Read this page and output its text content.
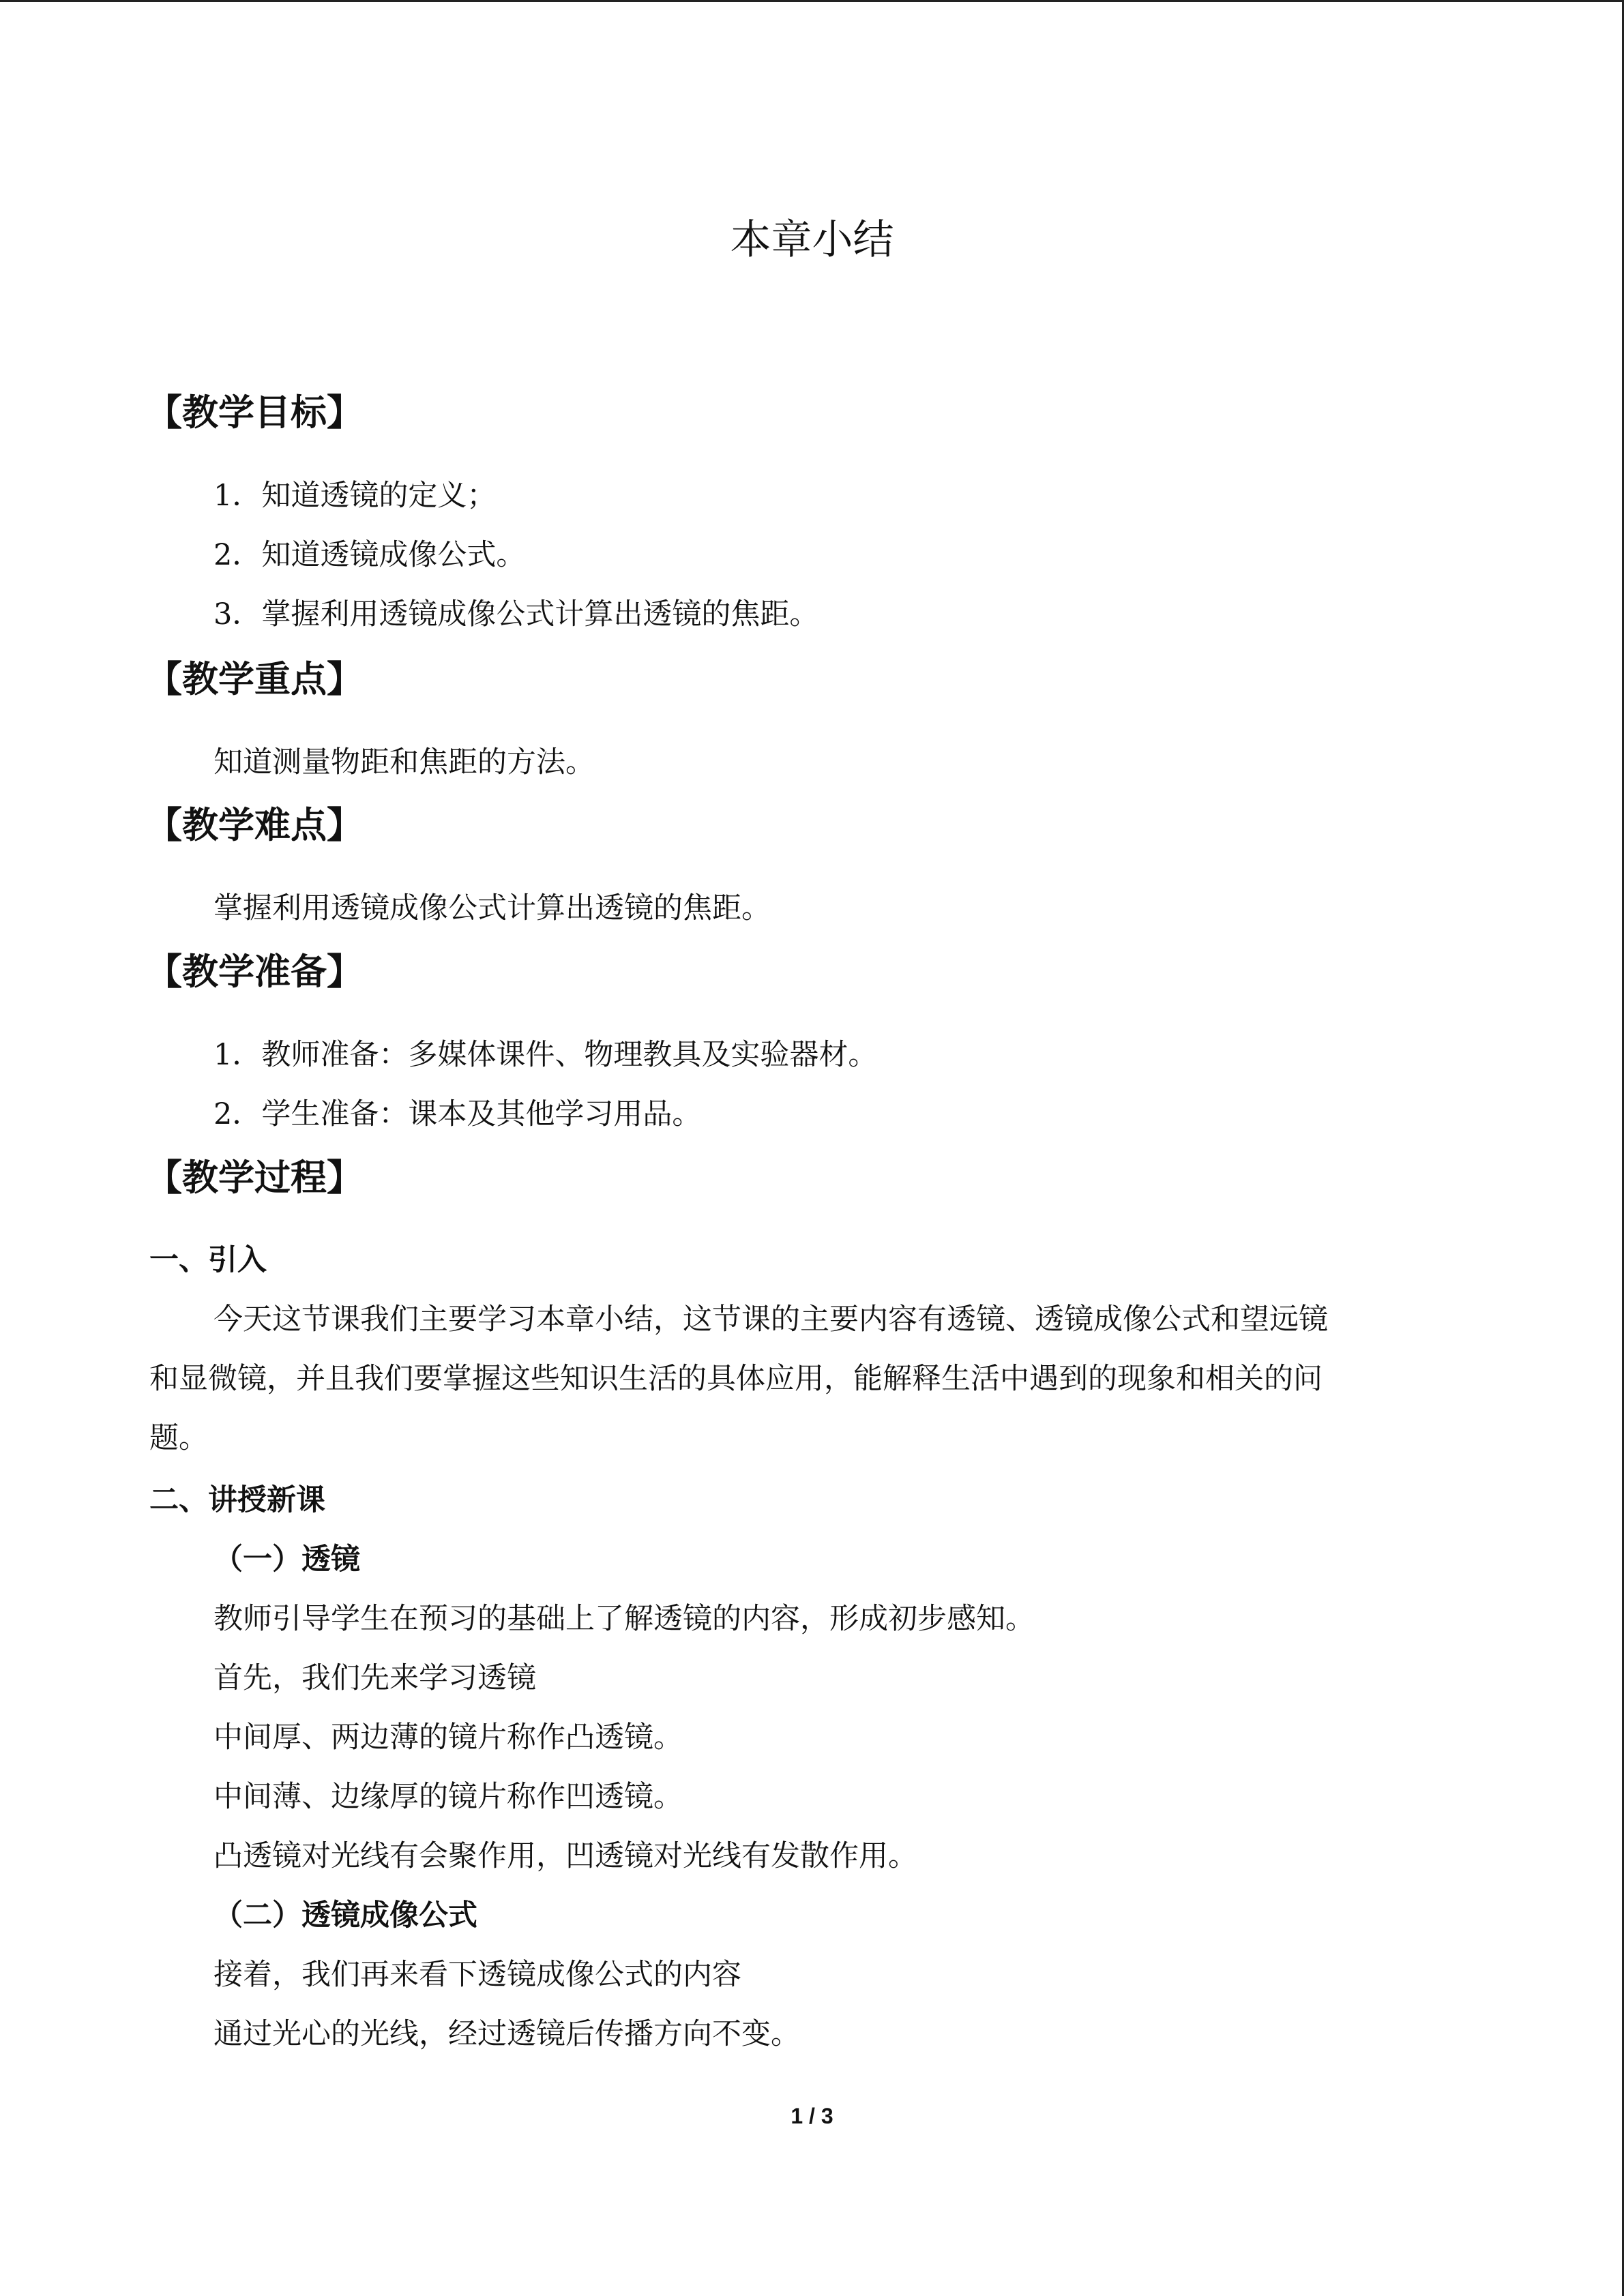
本章小结
【教学目标】

1．知道透镜的定义；

2．知道透镜成像公式。

3．掌握利用透镜成像公式计算出透镜的焦距。

【教学重点】

知道测量物距和焦距的方法。

【教学难点】

掌握利用透镜成像公式计算出透镜的焦距。

【教学准备】

1．教师准备：多媒体课件、物理教具及实验器材。

2．学生准备：课本及其他学习用品。

【教学过程】

一、引入

今天这节课我们主要学习本章小结，这节课的主要内容有透镜、透镜成像公式和望远镜

和显微镜，并且我们要掌握这些知识生活的具体应用，能解释生活中遇到的现象和相关的问

题。

二、讲授新课

（一）透镜

教师引导学生在预习的基础上了解透镜的内容，形成初步感知。

首先，我们先来学习透镜

中间厚、两边薄的镜片称作凸透镜。

中间薄、边缘厚的镜片称作凹透镜。

凸透镜对光线有会聚作用，凹透镜对光线有发散作用。

（二）透镜成像公式

接着，我们再来看下透镜成像公式的内容

通过光心的光线，经过透镜后传播方向不变。

1 / 3
